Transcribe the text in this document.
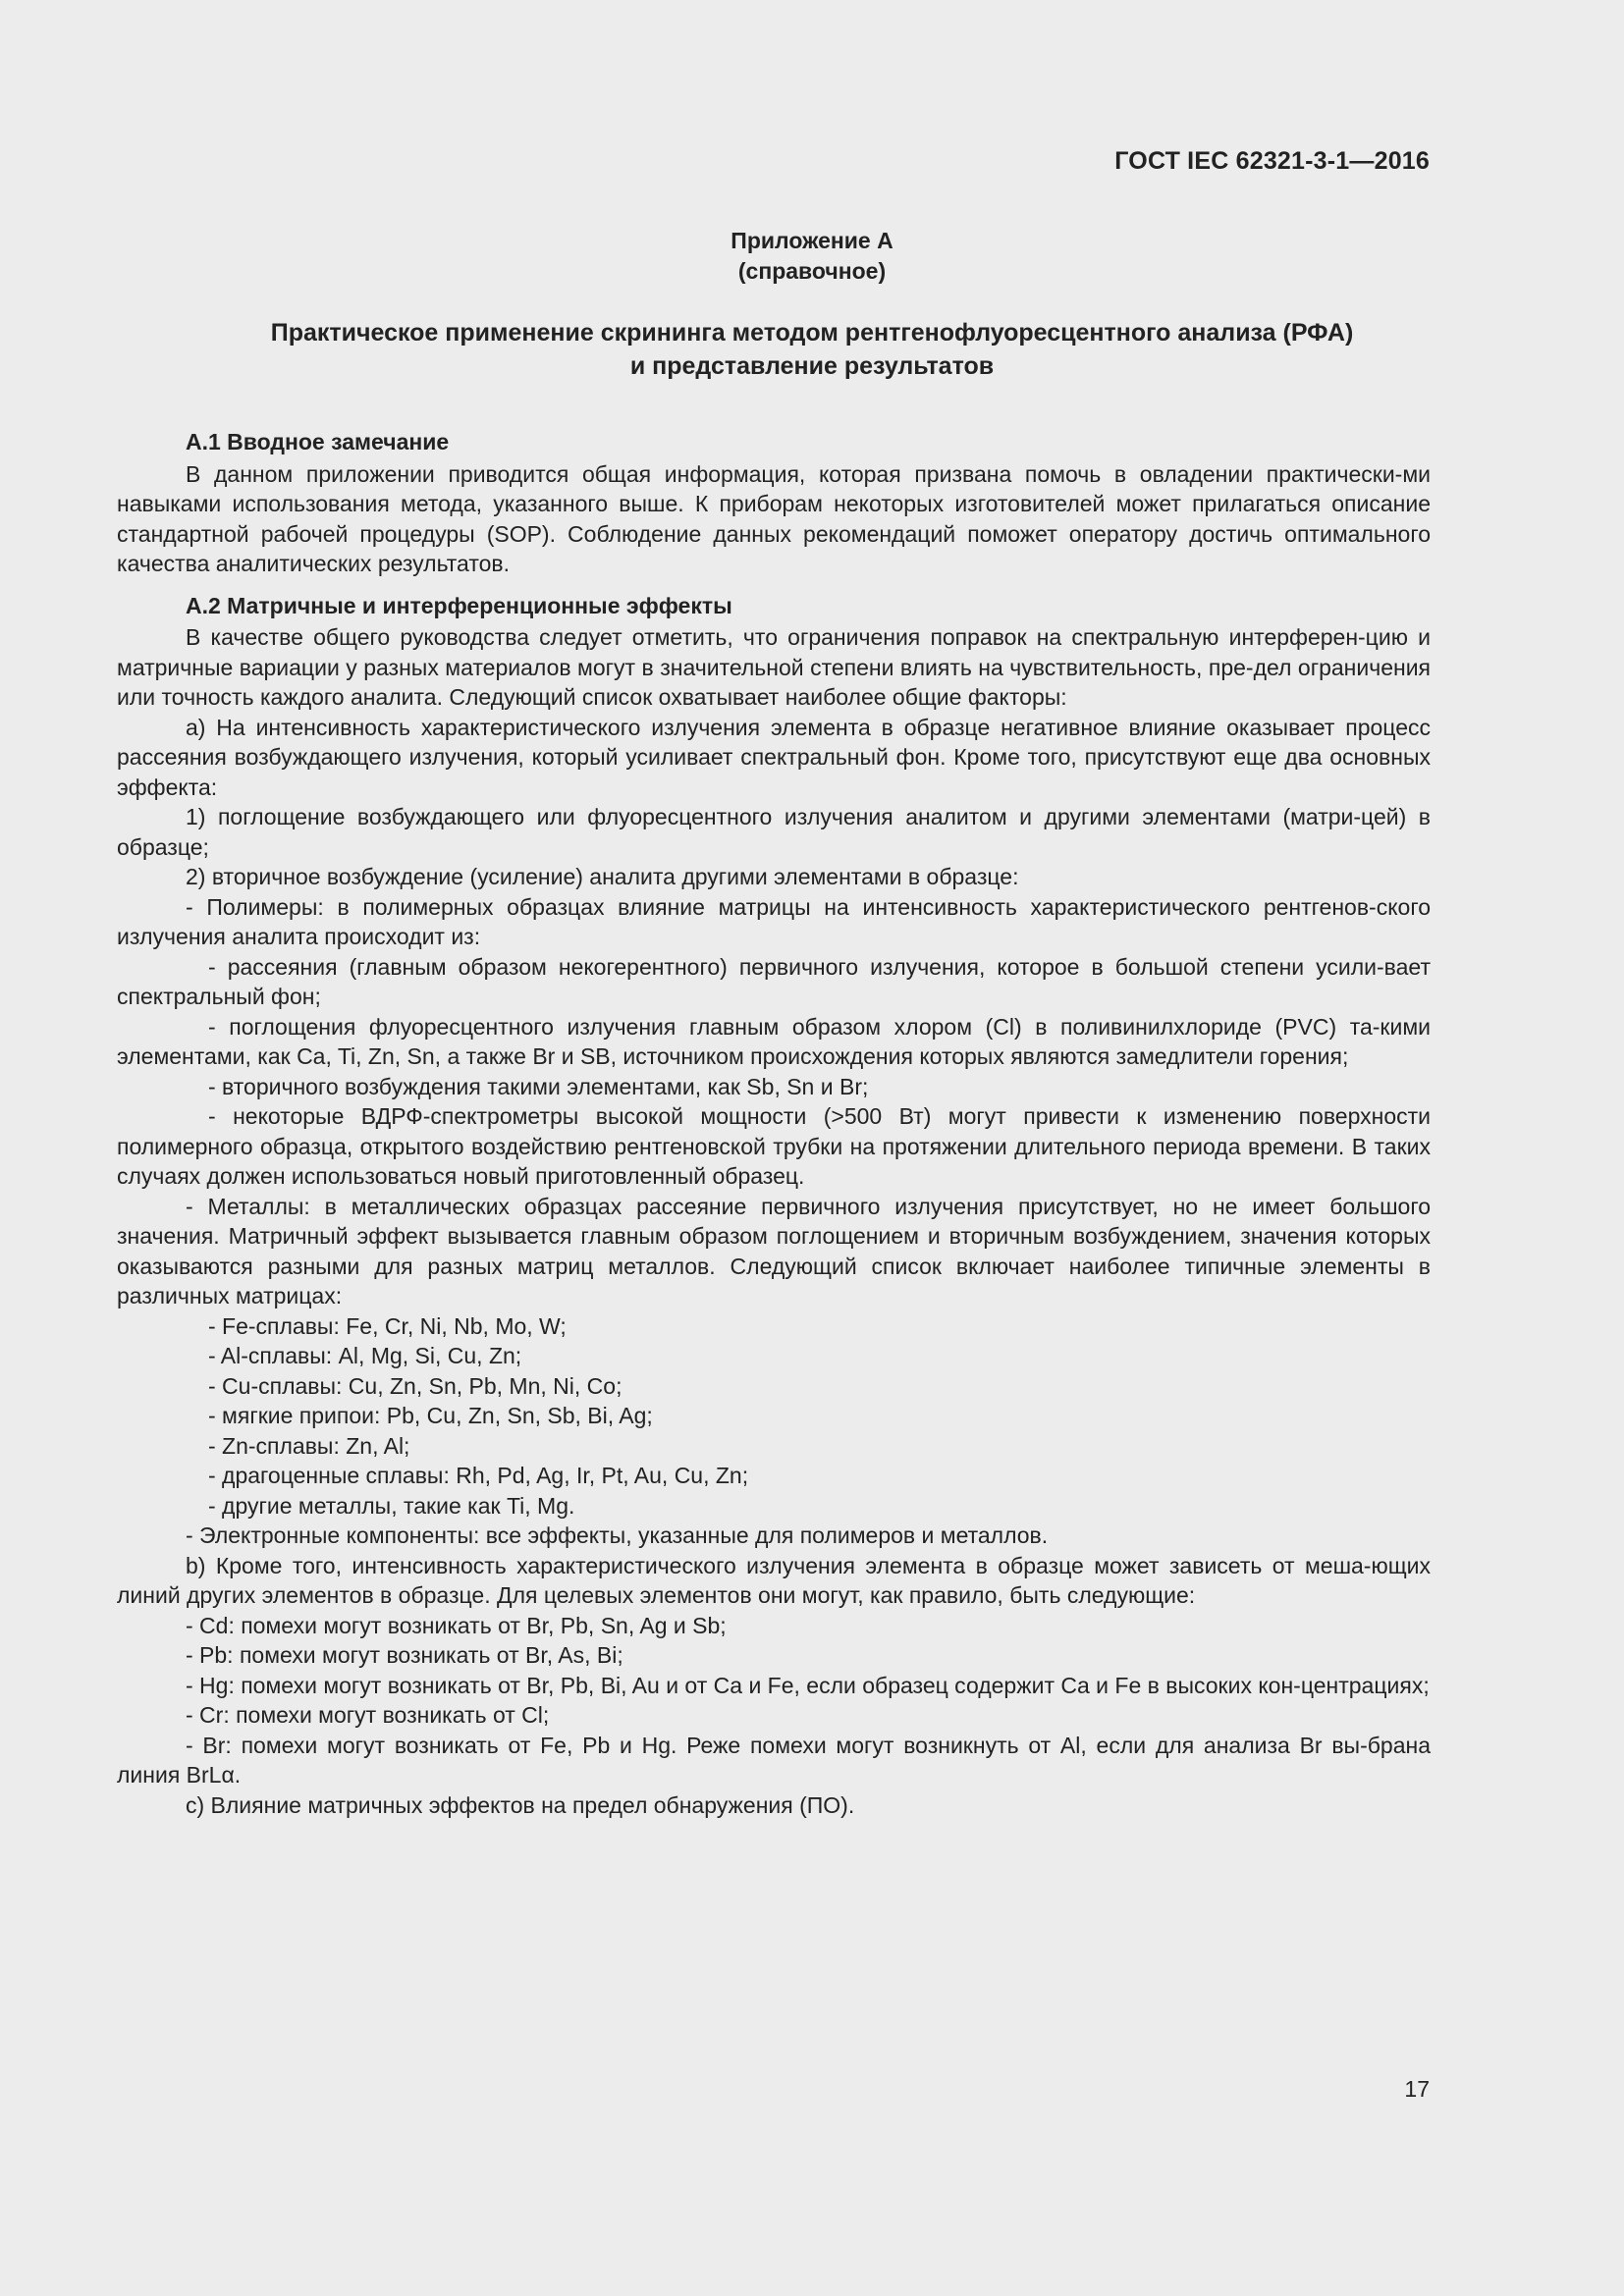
ГОСТ IEC 62321-3-1—2016
Приложение А
(справочное)
Практическое применение скрининга методом рентгенофлуоресцентного анализа (РФА)
и представление результатов
А.1 Вводное замечание

В данном приложении приводится общая информация, которая призвана помочь в овладении практически-ми навыками использования метода, указанного выше. К приборам некоторых изготовителей может прилагаться описание стандартной рабочей процедуры (SOP). Соблюдение данных рекомендаций поможет оператору достичь оптимального качества аналитических результатов.

А.2 Матричные и интерференционные эффекты

В качестве общего руководства следует отметить, что ограничения поправок на спектральную интерферен-цию и матричные вариации у разных материалов могут в значительной степени влиять на чувствительность, пре-дел ограничения или точность каждого аналита. Следующий список охватывает наиболее общие факторы:

а) На интенсивность характеристического излучения элемента в образце негативное влияние оказывает процесс рассеяния возбуждающего излучения, который усиливает спектральный фон. Кроме того, присутствуют еще два основных эффекта:

1) поглощение возбуждающего или флуоресцентного излучения аналитом и другими элементами (матри-цей) в образце;

2) вторичное возбуждение (усиление) аналита другими элементами в образце:

- Полимеры: в полимерных образцах влияние матрицы на интенсивность характеристического рентгенов-ского излучения аналита происходит из:

- рассеяния (главным образом некогерентного) первичного излучения, которое в большой степени усили-вает спектральный фон;

- поглощения флуоресцентного излучения главным образом хлором (Cl) в поливинилхлориде (PVC) та-кими элементами, как Ca, Ti, Zn, Sn, а также Br и SB, источником происхождения которых являются замедлители горения;

- вторичного возбуждения такими элементами, как Sb, Sn и Br;

- некоторые ВДРФ-спектрометры высокой мощности (>500 Вт) могут привести к изменению поверхности полимерного образца, открытого воздействию рентгеновской трубки на протяжении длительного периода времени. В таких случаях должен использоваться новый приготовленный образец.

- Металлы: в металлических образцах рассеяние первичного излучения присутствует, но не имеет большого значения. Матричный эффект вызывается главным образом поглощением и вторичным возбуждением, значения которых оказываются разными для разных матриц металлов. Следующий список включает наиболее типичные элементы в различных матрицах:

- Fe-сплавы: Fe, Cr, Ni, Nb, Mo, W;

- Al-сплавы: Al, Mg, Si, Cu, Zn;

- Cu-сплавы: Cu, Zn, Sn, Pb, Mn, Ni, Co;

- мягкие припои: Pb, Cu, Zn, Sn, Sb, Bi, Ag;

- Zn-сплавы: Zn, Al;

- драгоценные сплавы: Rh, Pd, Ag, Ir, Pt, Au, Cu, Zn;

- другие металлы, такие как Ti, Mg.

- Электронные компоненты: все эффекты, указанные для полимеров и металлов.

b) Кроме того, интенсивность характеристического излучения элемента в образце может зависеть от меша-ющих линий других элементов в образце. Для целевых элементов они могут, как правило, быть следующие:

- Cd: помехи могут возникать от Br, Pb, Sn, Ag и Sb;

- Pb: помехи могут возникать от Br, As, Bi;

- Hg: помехи могут возникать от Br, Pb, Bi, Au и от Ca и Fe, если образец содержит Ca и Fe в высоких кон-центрациях;

- Cr: помехи могут возникать от Cl;

- Br: помехи могут возникать от Fe, Pb и Hg. Реже помехи могут возникнуть от Al, если для анализа Br вы-брана линия BrLα.

c) Влияние матричных эффектов на предел обнаружения (ПО).

17
